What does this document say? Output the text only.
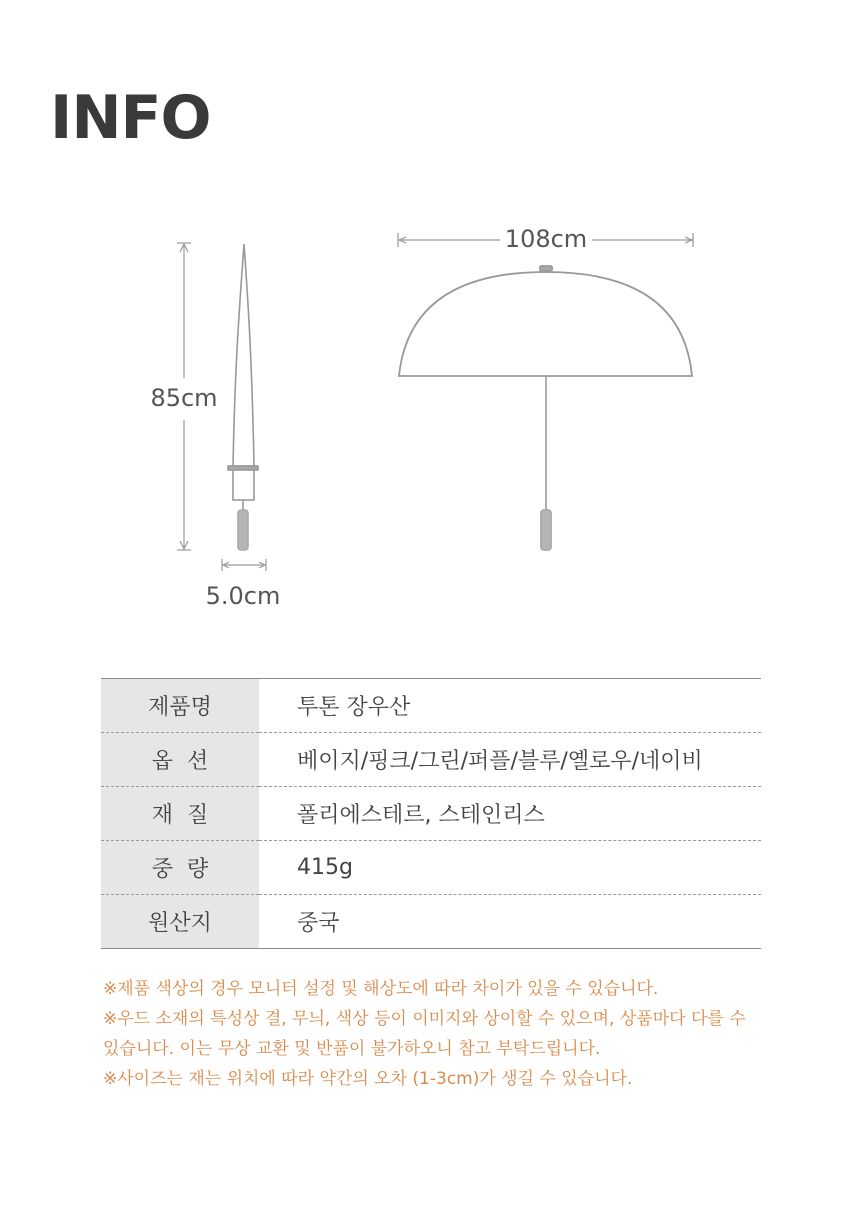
INFO
85cm
5.0cm
108cm
제품명	투톤 장우산
옵  션	베이지/핑크/그린/퍼플/블루/옐로우/네이비
재  질	폴리에스테르, 스테인리스
중  량	415g
원산지	중국

※제품 색상의 경우 모니터 설정 및 해상도에 따라 차이가 있을 수 있습니다.

※우드 소재의 특성상 결, 무늬, 색상 등이 이미지와 상이할 수 있으며, 상품마다 다를 수 있습니다. 이는 무상 교환 및 반품이 불가하오니 참고 부탁드립니다.

※사이즈는 재는 위치에 따라 약간의 오차 (1-3cm)가 생길 수 있습니다.
